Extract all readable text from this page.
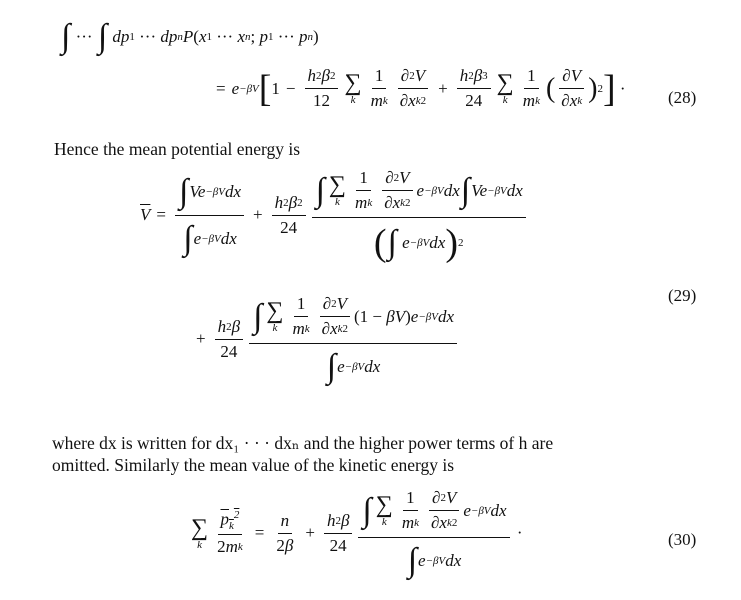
∫ ··· ∫ dp 1 ··· dp n P ( x 1 ··· x n ; p 1 ··· p n )
= e −βV [ $1 - \frac{h 2 \beta 2}{12}$ ∑
k $\frac{1}{\text{m k}} \frac{\partial 2 V}{\text{∂ x k 2}} + \frac{h 2 \beta 3}{24}$ ∑
k $\frac{1}{\text{m k}}$ ( $\frac{\partial V}{\text{∂ x k}}$ ) 2 ] · (28)
Hence the mean potential energy is
$\overline{V} = \frac{\text{∫ Ve −βV dx}}{\text{∫ e −βV dx}} + \frac{h 2 \beta 2}{24}$
∫ ∑
k $\frac{1}{\text{m k}} \frac{\partial 2 V}{\text{∂ x k 2}}$ e −βV dx ∫ Ve −βV dx
( ∫ e −βV dx ) 2
+ $\frac{h 2 \beta}{24}$
∫ ∑
k $\frac{1}{\text{m k}} \frac{\partial 2 V}{\text{∂ x k 2}} (1 - \beta V$ ) e −βV dx
∫ e −βV dx
(29)
where dx is written for dx₁ · · · dxₙ and the higher power terms of h are
omitted. Similarly the mean value of the kinetic energy is
∑
k $\frac{p_k^2}{\text{2 m k}} = \frac{n}{2 \beta} + \frac{h 2 \beta}{24}$ ∫ ∑
k $\frac{1}{\text{m k}} \frac{\partial 2 V}{\text{∂ x k 2}}$ e −βV dx
∫ e −βV dx ·	(30)
